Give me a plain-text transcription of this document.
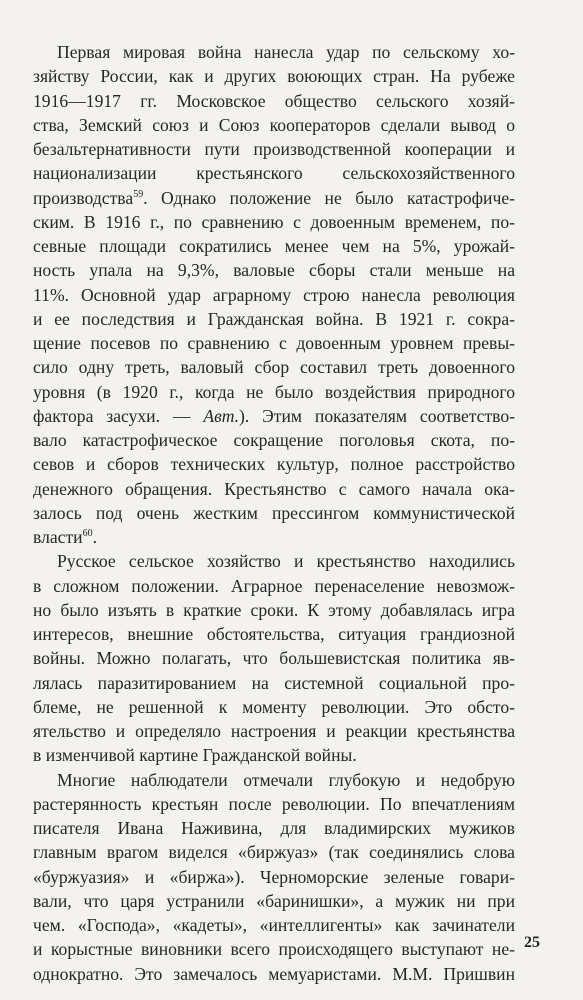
Первая мировая война нанесла удар по сельскому хо-
зяйству России, как и других воюющих стран. На рубеже
1916—1917 гг. Московское общество сельского хозяй-
ства, Земский союз и Союз кооператоров сделали вывод о
безальтернативности пути производственной кооперации и
национализации крестьянского сельскохозяйственного
производства$^{59}$. Однако положение не было катастрофиче-
ским. В 1916 г., по сравнению с довоенным временем, по-
севные площади сократились менее чем на 5%, урожай-
ность упала на 9,3%, валовые сборы стали меньше на
11%. Основной удар аграрному строю нанесла революция
и ее последствия и Гражданская война. В 1921 г. сокра-
щение посевов по сравнению с довоенным уровнем превы-
сило одну треть, валовый сбор составил треть довоенного
уровня (в 1920 г., когда не было воздействия природного
фактора засухи. — Авт.). Этим показателям соответство-
вало катастрофическое сокращение поголовья скота, по-
севов и сборов технических культур, полное расстройство
денежного обращения. Крестьянство с самого начала ока-
залось под очень жестким прессингом коммунистической
власти$^{60}$.

Русское сельское хозяйство и крестьянство находились
в сложном положении. Аграрное перенаселение невозмож-
но было изъять в краткие сроки. К этому добавлялась игра
интересов, внешние обстоятельства, ситуация грандиозной
войны. Можно полагать, что большевистская политика яв-
лялась паразитированием на системной социальной про-
блеме, не решенной к моменту революции. Это обсто-
ятельство и определяло настроения и реакции крестьянства
в изменчивой картине Гражданской войны.

Многие наблюдатели отмечали глубокую и недобрую
растерянность крестьян после революции. По впечатлениям
писателя Ивана Наживина, для владимирских мужиков
главным врагом виделся «биржуаз» (так соединялись слова
«буржуазия» и «биржа»). Черноморские зеленые говари-
вали, что царя устранили «баринишки», а мужик ни при
чем. «Господа», «кадеты», «интеллигенты» как зачинатели
и корыстные виновники всего происходящего выступают не-
однократно. Это замечалось мемуаристами. М.М. Пришвин

25
